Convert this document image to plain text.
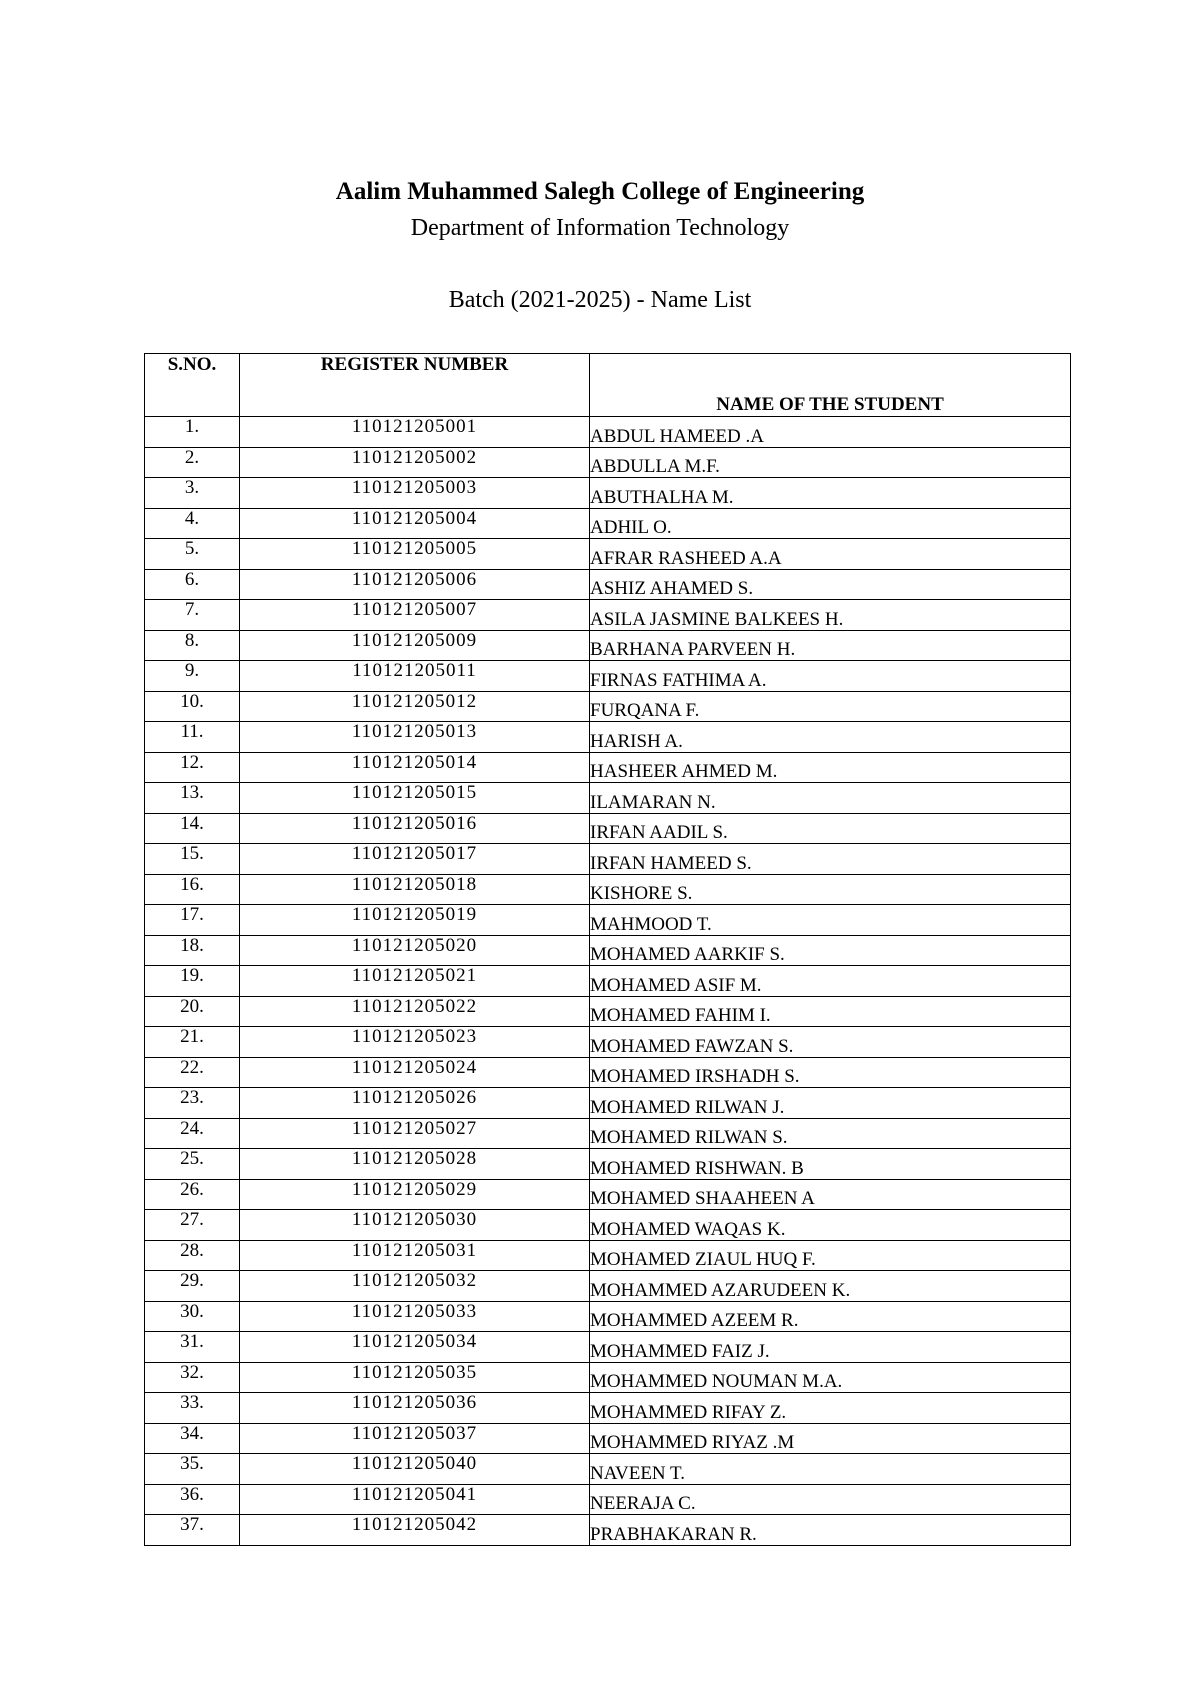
Aalim Muhammed Salegh College of Engineering
Department of Information Technology
Batch (2021-2025) - Name List
S.NO.	REGISTER NUMBER	NAME OF THE STUDENT
1.	110121205001	ABDUL HAMEED .A
2.	110121205002	ABDULLA M.F.
3.	110121205003	ABUTHALHA M.
4.	110121205004	ADHIL O.
5.	110121205005	AFRAR RASHEED A.A
6.	110121205006	ASHIZ AHAMED S.
7.	110121205007	ASILA JASMINE BALKEES H.
8.	110121205009	BARHANA PARVEEN H.
9.	110121205011	FIRNAS FATHIMA A.
10.	110121205012	FURQANA F.
11.	110121205013	HARISH A.
12.	110121205014	HASHEER AHMED M.
13.	110121205015	ILAMARAN N.
14.	110121205016	IRFAN AADIL S.
15.	110121205017	IRFAN HAMEED S.
16.	110121205018	KISHORE S.
17.	110121205019	MAHMOOD T.
18.	110121205020	MOHAMED AARKIF S.
19.	110121205021	MOHAMED ASIF M.
20.	110121205022	MOHAMED FAHIM I.
21.	110121205023	MOHAMED FAWZAN S.
22.	110121205024	MOHAMED IRSHADH S.
23.	110121205026	MOHAMED RILWAN J.
24.	110121205027	MOHAMED RILWAN S.
25.	110121205028	MOHAMED RISHWAN. B
26.	110121205029	MOHAMED SHAAHEEN A
27.	110121205030	MOHAMED WAQAS K.
28.	110121205031	MOHAMED ZIAUL HUQ F.
29.	110121205032	MOHAMMED AZARUDEEN K.
30.	110121205033	MOHAMMED AZEEM R.
31.	110121205034	MOHAMMED FAIZ J.
32.	110121205035	MOHAMMED NOUMAN M.A.
33.	110121205036	MOHAMMED RIFAY Z.
34.	110121205037	MOHAMMED RIYAZ .M
35.	110121205040	NAVEEN T.
36.	110121205041	NEERAJA C.
37.	110121205042	PRABHAKARAN R.
